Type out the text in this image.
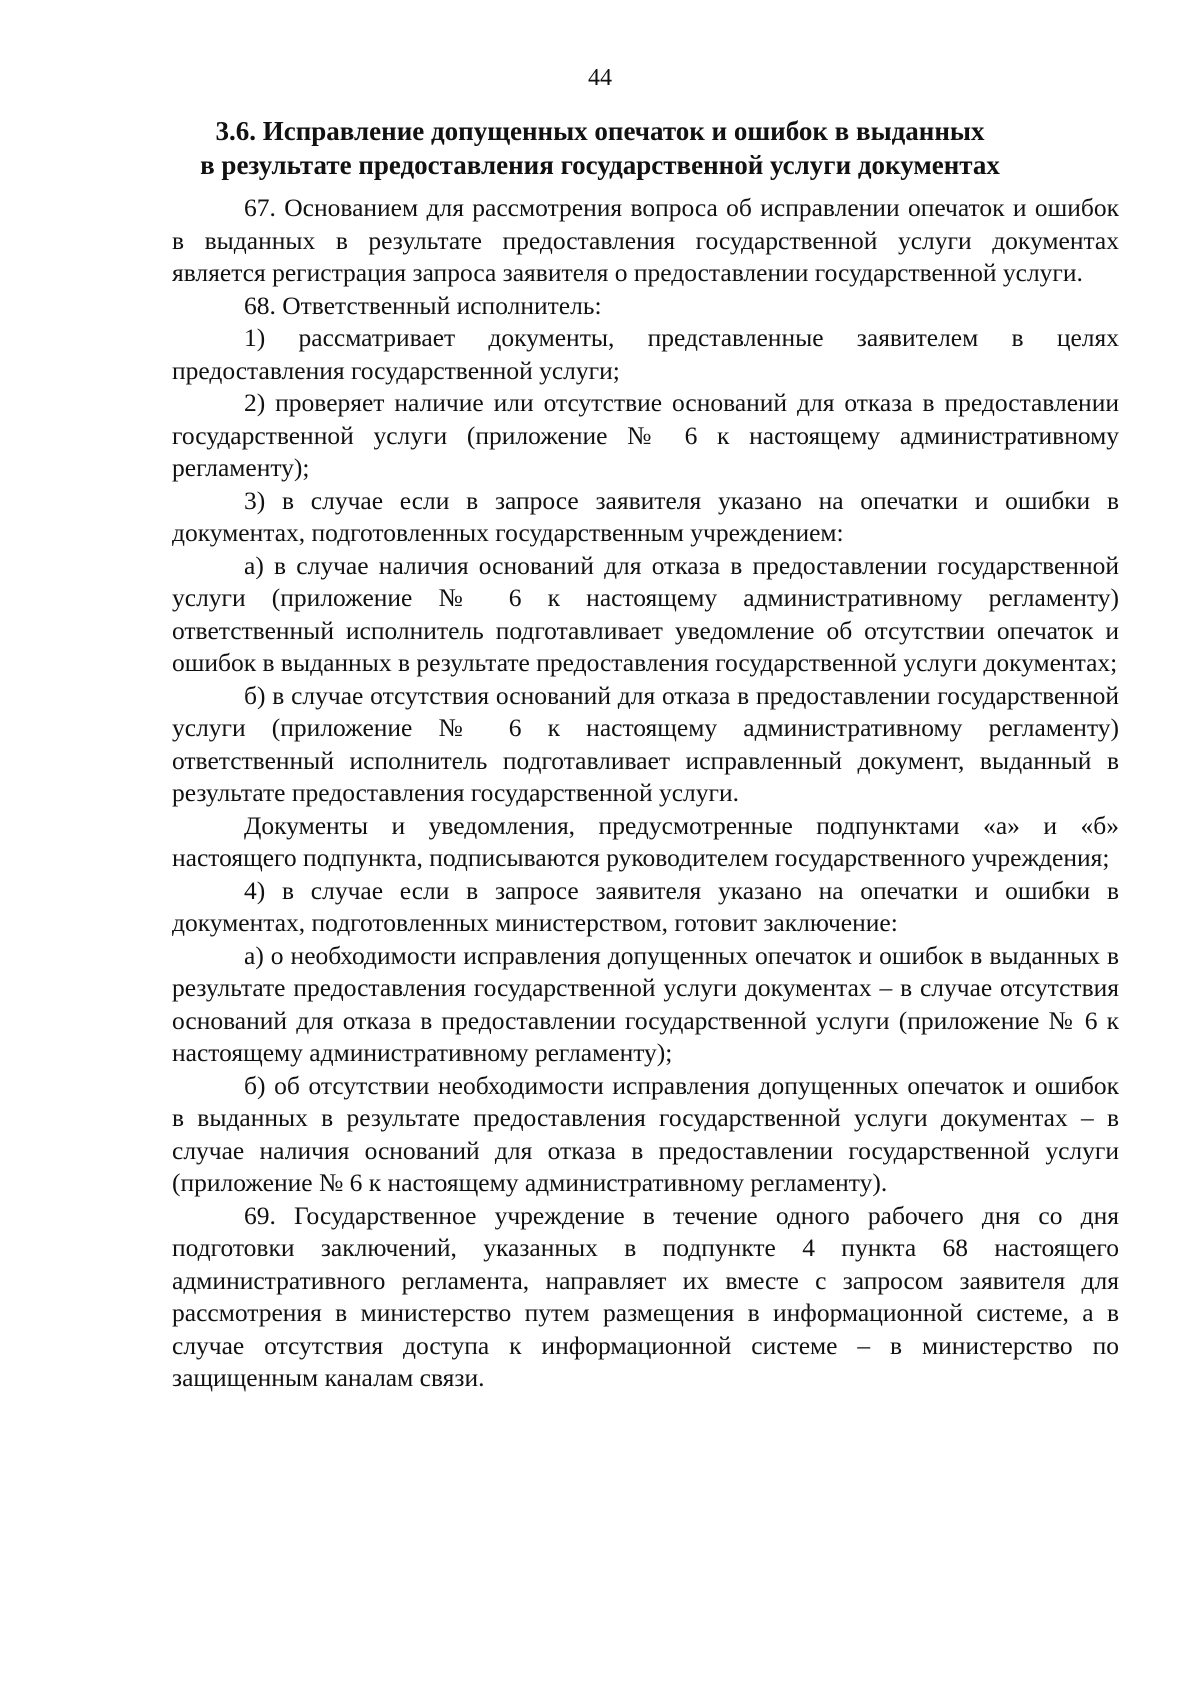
44
3.6. Исправление допущенных опечаток и ошибок в выданных
в результате предоставления государственной услуги документах

67. Основанием для рассмотрения вопроса об исправлении опечаток и ошибок в выданных в результате предоставления государственной услуги документах является регистрация запроса заявителя о предоставлении государственной услуги.

68. Ответственный исполнитель:

1) рассматривает документы, представленные заявителем в целях предоставления государственной услуги;

2) проверяет наличие или отсутствие оснований для отказа в предоставлении государственной услуги (приложение № 6 к настоящему административному регламенту);

3) в случае если в запросе заявителя указано на опечатки и ошибки в документах, подготовленных государственным учреждением:

а) в случае наличия оснований для отказа в предоставлении государственной услуги (приложение № 6 к настоящему административному регламенту) ответственный исполнитель подготавливает уведомление об отсутствии опечаток и ошибок в выданных в результате предоставления государственной услуги документах;

б) в случае отсутствия оснований для отказа в предоставлении государственной услуги (приложение № 6 к настоящему административному регламенту) ответственный исполнитель подготавливает исправленный документ, выданный в результате предоставления государственной услуги.

Документы и уведомления, предусмотренные подпунктами «а» и «б» настоящего подпункта, подписываются руководителем государственного учреждения;

4) в случае если в запросе заявителя указано на опечатки и ошибки в документах, подготовленных министерством, готовит заключение:

а) о необходимости исправления допущенных опечаток и ошибок в выданных в результате предоставления государственной услуги документах – в случае отсутствия оснований для отказа в предоставлении государственной услуги (приложение № 6 к настоящему административному регламенту);

б) об отсутствии необходимости исправления допущенных опечаток и ошибок в выданных в результате предоставления государственной услуги документах – в случае наличия оснований для отказа в предоставлении государственной услуги (приложение № 6 к настоящему административному регламенту).

69. Государственное учреждение в течение одного рабочего дня со дня подготовки заключений, указанных в подпункте 4 пункта 68 настоящего административного регламента, направляет их вместе с запросом заявителя для рассмотрения в министерство путем размещения в информационной системе, а в случае отсутствия доступа к информационной системе – в министерство по защищенным каналам связи.
